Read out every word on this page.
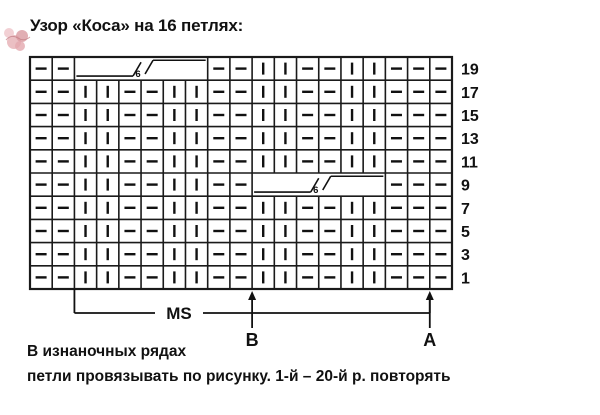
6
6
19
17
15
13
11
9
7
5
3
1
MS
B	A
Узор «Коса» на 16 петлях:
В изнаночных рядах
петли провязывать по рисунку. 1-й – 20-й р. повторять
